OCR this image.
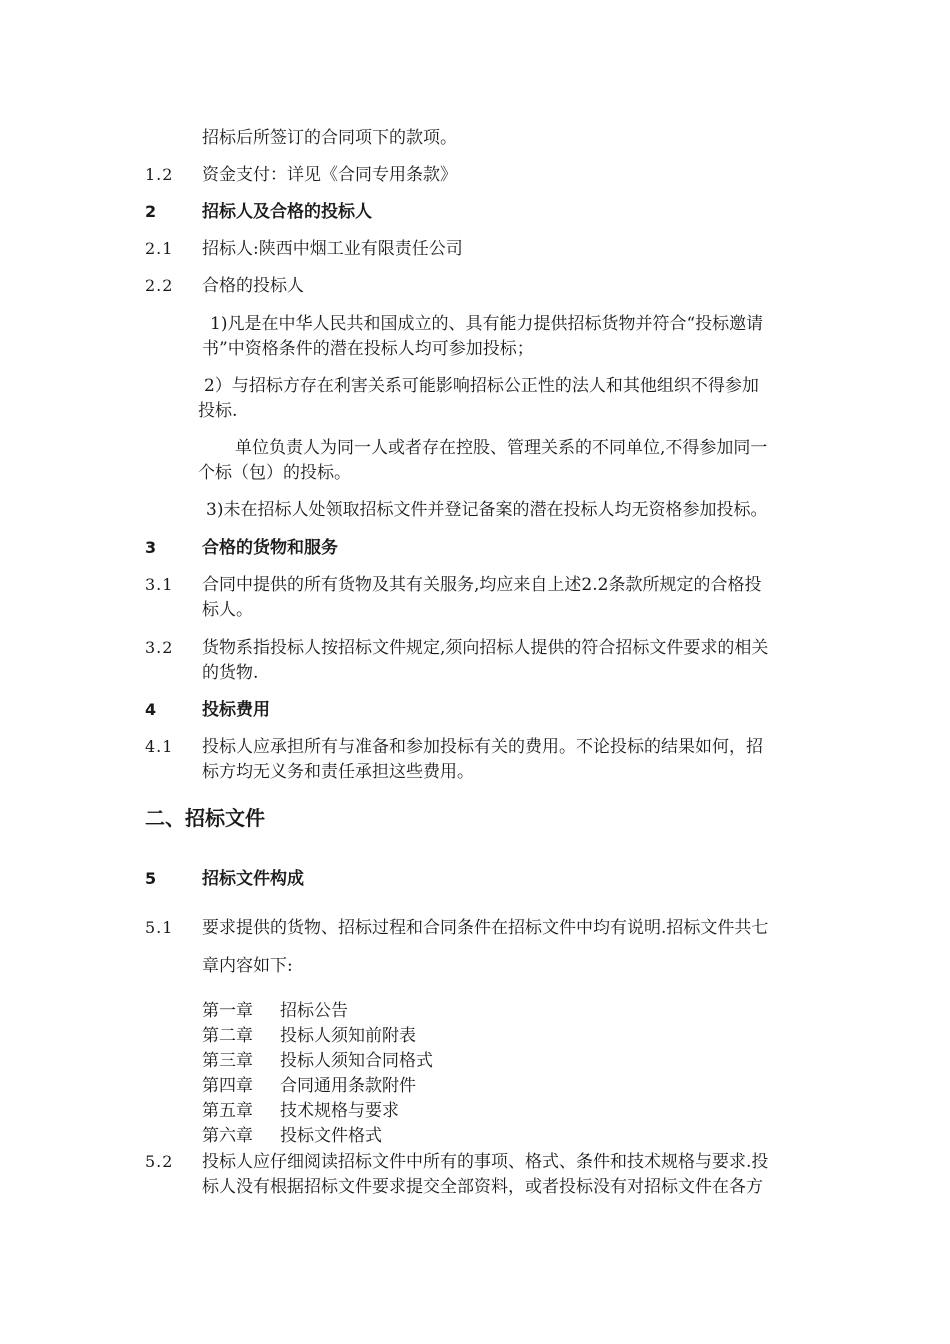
招标后所签订的合同项下的款项。
1.2 资金支付：详见《合同专用条款》
2	招标人及合格的投标人
2.1 招标人:陕西中烟工业有限责任公司
2.2 合格的投标人
1)凡是在中华人民共和国成立的、具有能力提供招标货物并符合“投标邀请
书”中资格条件的潜在投标人均可参加投标；
2）与招标方存在利害关系可能影响招标公正性的法人和其他组织不得参加
投标.
单位负责人为同一人或者存在控股、管理关系的不同单位,不得参加同一
个标（包）的投标。
3)未在招标人处领取招标文件并登记备案的潜在投标人均无资格参加投标。
3	合格的货物和服务
3.1 合同中提供的所有货物及其有关服务,均应来自上述2.2条款所规定的合格投
标人。
3.2 货物系指投标人按招标文件规定,须向招标人提供的符合招标文件要求的相关
的货物.
4	投标费用
4.1 投标人应承担所有与准备和参加投标有关的费用。不论投标的结果如何，招
标方均无义务和责任承担这些费用。
二、招标文件
5	招标文件构成
5.1 要求提供的货物、招标过程和合同条件在招标文件中均有说明.招标文件共七
章内容如下:
第一章 招标公告
第二章 投标人须知前附表
第三章 投标人须知合同格式
第四章 合同通用条款附件
第五章 技术规格与要求
第六章 投标文件格式
5.2 投标人应仔细阅读招标文件中所有的事项、格式、条件和技术规格与要求.投
标人没有根据招标文件要求提交全部资料，或者投标没有对招标文件在各方
